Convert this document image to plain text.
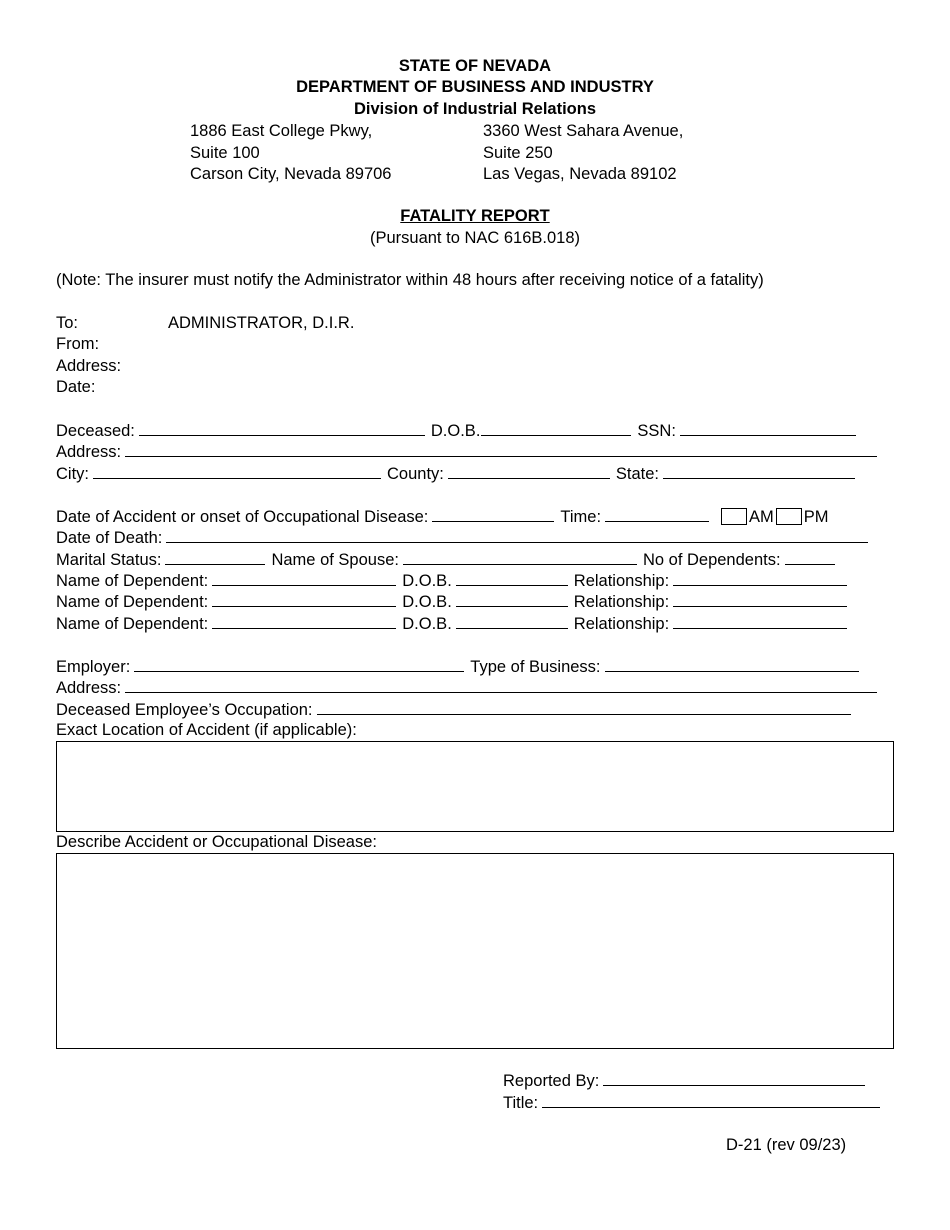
STATE OF NEVADA
DEPARTMENT OF BUSINESS AND INDUSTRY
Division of Industrial Relations
1886 East College Pkwy,
Suite 100
Carson City, Nevada 89706
3360 West Sahara Avenue,
Suite 250
Las Vegas, Nevada 89102
FATALITY REPORT
(Pursuant to NAC 616B.018)
(Note: The insurer must notify the Administrator within 48 hours after receiving notice of a fatality)
To:	ADMINISTRATOR, D.I.R.
From:
Address:
Date:
Deceased:	D.O.B.	SSN:
Address:
City:	County:	State:
Date of Accident or onset of Occupational Disease:	Time:	AM PM
Date of Death:
Marital Status:	Name of Spouse:	No of Dependents:
Name of Dependent:	D.O.B.	Relationship:
Name of Dependent:	D.O.B.	Relationship:
Name of Dependent:	D.O.B.	Relationship:
Employer:	Type of Business:
Address:
Deceased Employee’s Occupation:
Exact Location of Accident (if applicable):
Describe Accident or Occupational Disease:
Reported By:
Title:
D-21 (rev 09/23)
